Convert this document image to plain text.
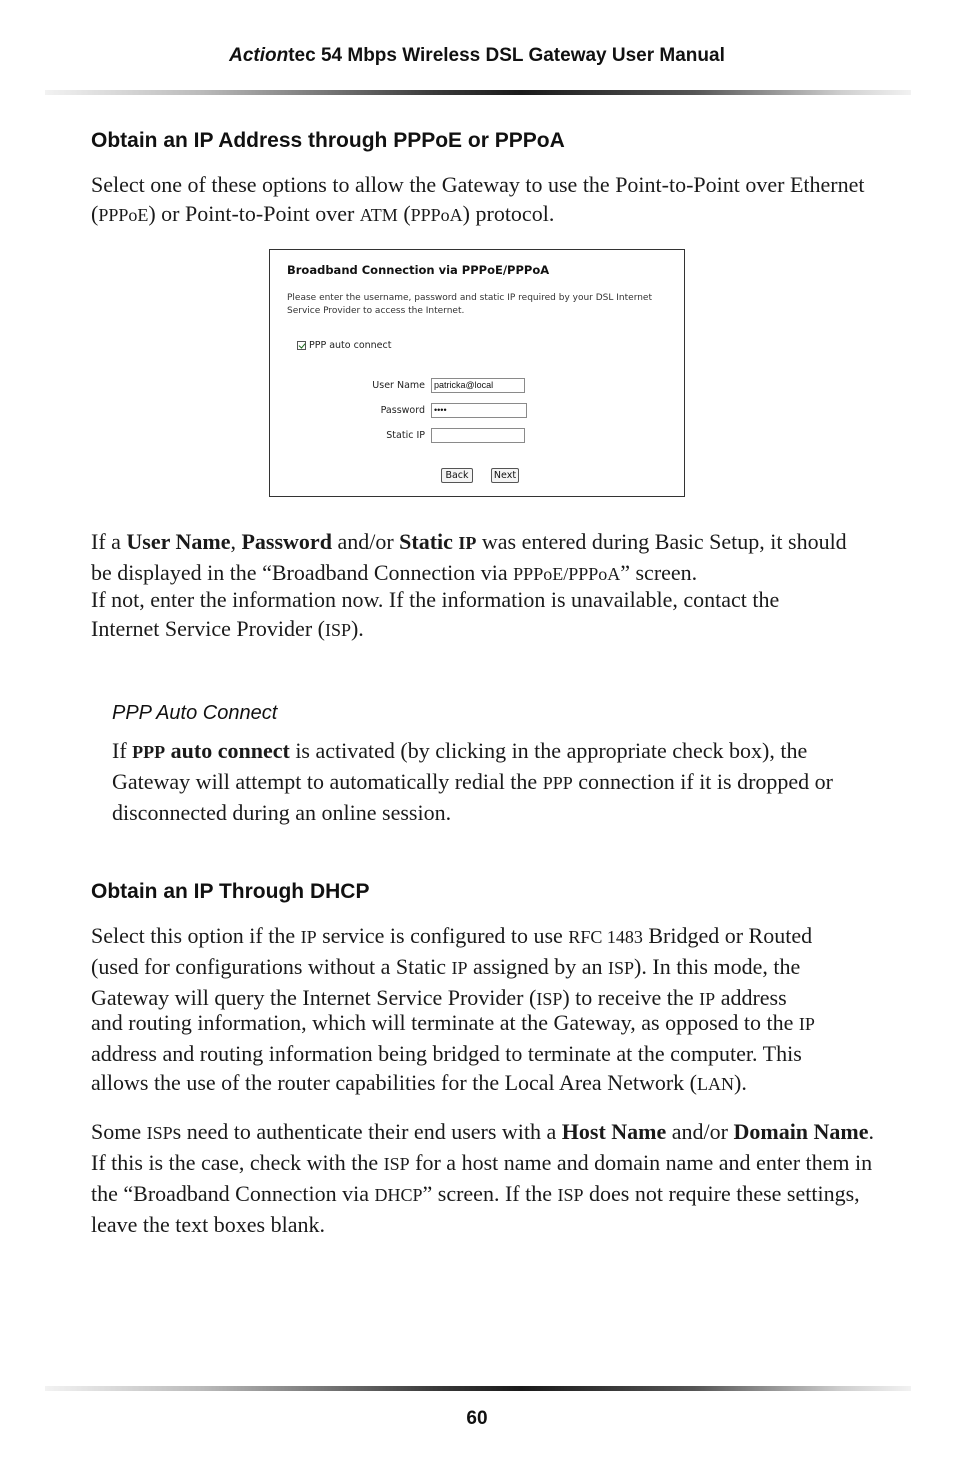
Actiontec 54 Mbps Wireless DSL Gateway User Manual
Obtain an IP Address through PPPoE or PPPoA

Select one of these options to allow the Gateway to use the Point-to-Point over Ethernet (PPPoE) or Point-to-Point over ATM (PPPoA) protocol.

Broadband Connection via PPPoE/PPPoA
Please enter the username, password and static IP required by your DSL Internet Service Provider to access the Internet.
PPP auto connect
User Name	patricka@local
Password	••••
Static IP
Back	Next

If a User Name, Password and/or Static IP was entered during Basic Setup, it should be displayed in the “Broadband Connection via PPPoE/PPPoA” screen.

If not, enter the information now. If the information is unavailable, contact the Internet Service Provider (ISP).

PPP Auto Connect

If PPP auto connect is activated (by clicking in the appropriate check box), the Gateway will attempt to automatically redial the PPP connection if it is dropped or disconnected during an online session.

Obtain an IP Through DHCP

Select this option if the IP service is configured to use RFC 1483 Bridged or Routed (used for configurations without a Static IP assigned by an ISP). In this mode, the Gateway will query the Internet Service Provider (ISP) to receive the IP address

and routing information, which will terminate at the Gateway, as opposed to the IP address and routing information being bridged to terminate at the computer. This allows the use of the router capabilities for the Local Area Network (LAN).

Some ISPs need to authenticate their end users with a Host Name and/or Domain Name. If this is the case, check with the ISP for a host name and domain name and enter them in the “Broadband Connection via DHCP” screen. If the ISP does not require these settings, leave the text boxes blank.

60
